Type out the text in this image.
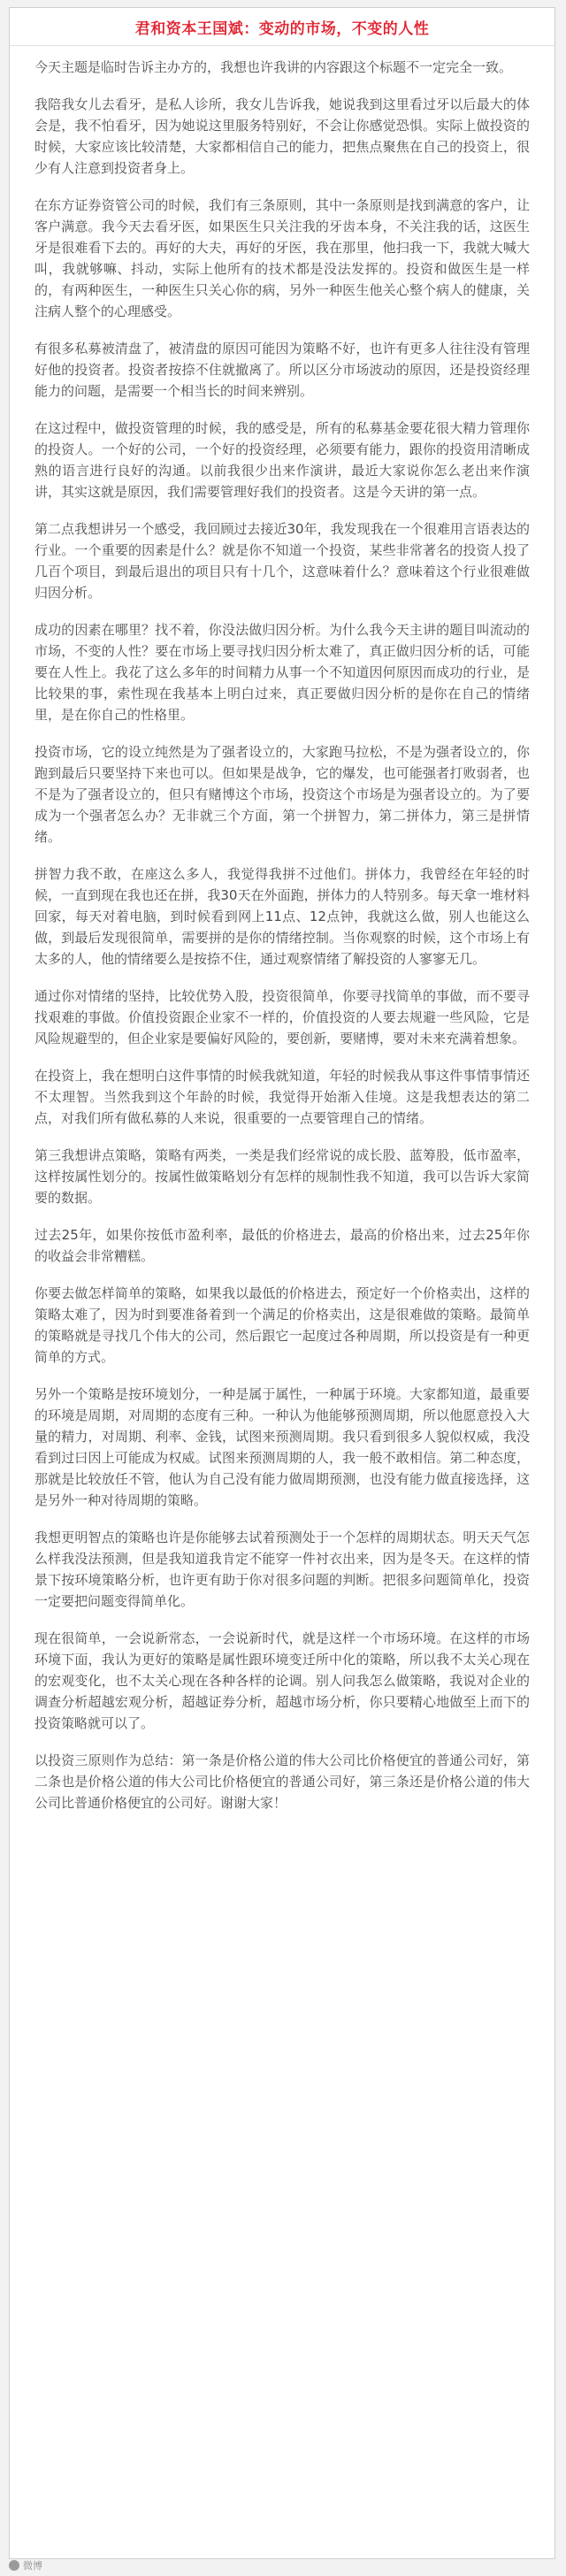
君和资本王国斌：变动的市场，不变的人性

今天主题是临时告诉主办方的，我想也许我讲的内容跟这个标题不一定完全一致。

我陪我女儿去看牙，是私人诊所，我女儿告诉我，她说我到这里看过牙以后最大的体会是，我不怕看牙，因为她说这里服务特别好，不会让你感觉恐惧。实际上做投资的时候，大家应该比较清楚，大家都相信自己的能力，把焦点聚焦在自己的投资上，很少有人注意到投资者身上。

在东方证券资管公司的时候，我们有三条原则，其中一条原则是找到满意的客户，让客户满意。我今天去看牙医，如果医生只关注我的牙齿本身，不关注我的话，这医生牙是很难看下去的。再好的大夫，再好的牙医，我在那里，他扫我一下，我就大喊大叫，我就够嘛、抖动，实际上他所有的技术都是没法发挥的。投资和做医生是一样的，有两种医生，一种医生只关心你的病，另外一种医生他关心整个病人的健康，关注病人整个的心理感受。

有很多私募被清盘了，被清盘的原因可能因为策略不好，也许有更多人往往没有管理好他的投资者。投资者按捺不住就撤离了。所以区分市场波动的原因，还是投资经理能力的问题，是需要一个相当长的时间来辨别。

在这过程中，做投资管理的时候，我的感受是，所有的私募基金要花很大精力管理你的投资人。一个好的公司，一个好的投资经理，必须要有能力，跟你的投资用清晰成熟的语言进行良好的沟通。以前我很少出来作演讲，最近大家说你怎么老出来作演讲，其实这就是原因，我们需要管理好我们的投资者。这是今天讲的第一点。

第二点我想讲另一个感受，我回顾过去接近30年，我发现我在一个很难用言语表达的行业。一个重要的因素是什么？就是你不知道一个投资，某些非常著名的投资人投了几百个项目，到最后退出的项目只有十几个，这意味着什么？意味着这个行业很难做归因分析。

成功的因素在哪里？找不着，你没法做归因分析。为什么我今天主讲的题目叫流动的市场，不变的人性？要在市场上要寻找归因分析太难了，真正做归因分析的话，可能要在人性上。我花了这么多年的时间精力从事一个不知道因何原因而成功的行业，是比较果的事，索性现在我基本上明白过来，真正要做归因分析的是你在自己的情绪里，是在你自己的性格里。

投资市场，它的设立纯然是为了强者设立的，大家跑马拉松，不是为强者设立的，你跑到最后只要坚持下来也可以。但如果是战争，它的爆发，也可能强者打败弱者，也不是为了强者设立的，但只有赌博这个市场，投资这个市场是为强者设立的。为了要成为一个强者怎么办？无非就三个方面，第一个拼智力，第二拼体力，第三是拼情绪。

拼智力我不敢，在座这么多人，我觉得我拼不过他们。拼体力，我曾经在年轻的时候，一直到现在我也还在拼，我30天在外面跑，拼体力的人特别多。每天拿一堆材料回家，每天对着电脑，到时候看到网上11点、12点钟，我就这么做，别人也能这么做，到最后发现很简单，需要拼的是你的情绪控制。当你观察的时候，这个市场上有太多的人，他的情绪要么是按捺不住，通过观察情绪了解投资的人寥寥无几。

通过你对情绪的坚持，比较优势入股，投资很简单，你要寻找简单的事做，而不要寻找艰难的事做。价值投资跟企业家不一样的，价值投资的人要去规避一些风险，它是风险规避型的，但企业家是要偏好风险的，要创新，要赌博，要对未来充满着想象。

在投资上，我在想明白这件事情的时候我就知道，年轻的时候我从事这件事情事情还不太理智。当然我到这个年龄的时候，我觉得开始渐入佳境。这是我想表达的第二点，对我们所有做私募的人来说，很重要的一点要管理自己的情绪。

第三我想讲点策略，策略有两类，一类是我们经常说的成长股、蓝筹股，低市盈率，这样按属性划分的。按属性做策略划分有怎样的规制性我不知道，我可以告诉大家简要的数据。

过去25年，如果你按低市盈利率，最低的价格进去，最高的价格出来，过去25年你的收益会非常糟糕。

你要去做怎样简单的策略，如果我以最低的价格进去，预定好一个价格卖出，这样的策略太难了，因为时到要准备着到一个满足的价格卖出，这是很难做的策略。最简单的策略就是寻找几个伟大的公司，然后跟它一起度过各种周期，所以投资是有一种更简单的方式。

另外一个策略是按环境划分，一种是属于属性，一种属于环境。大家都知道，最重要的环境是周期，对周期的态度有三种。一种认为他能够预测周期，所以他愿意投入大量的精力，对周期、利率、金钱，试图来预测周期。我只看到很多人貌似权威，我没看到过曰因上可能成为权威。试图来预测周期的人，我一般不敢相信。第二种态度，那就是比较放任不管，他认为自己没有能力做周期预测，也没有能力做直接选择，这是另外一种对待周期的策略。

我想更明智点的策略也许是你能够去试着预测处于一个怎样的周期状态。明天天气怎么样我没法预测，但是我知道我肯定不能穿一件衬衣出来，因为是冬天。在这样的情景下按环境策略分析，也许更有助于你对很多问题的判断。把很多问题简单化，投资一定要把问题变得简单化。

现在很简单，一会说新常态，一会说新时代，就是这样一个市场环境。在这样的市场环境下面，我认为更好的策略是属性跟环境变迁所中化的策略，所以我不太关心现在的宏观变化，也不太关心现在各种各样的论调。别人问我怎么做策略，我说对企业的调查分析超越宏观分析，超越证券分析，超越市场分析，你只要精心地做至上而下的投资策略就可以了。

以投资三原则作为总结：第一条是价格公道的伟大公司比价格便宜的普通公司好，第二条也是价格公道的伟大公司比价格便宜的普通公司好，第三条还是价格公道的伟大公司比普通价格便宜的公司好。谢谢大家！

微博
